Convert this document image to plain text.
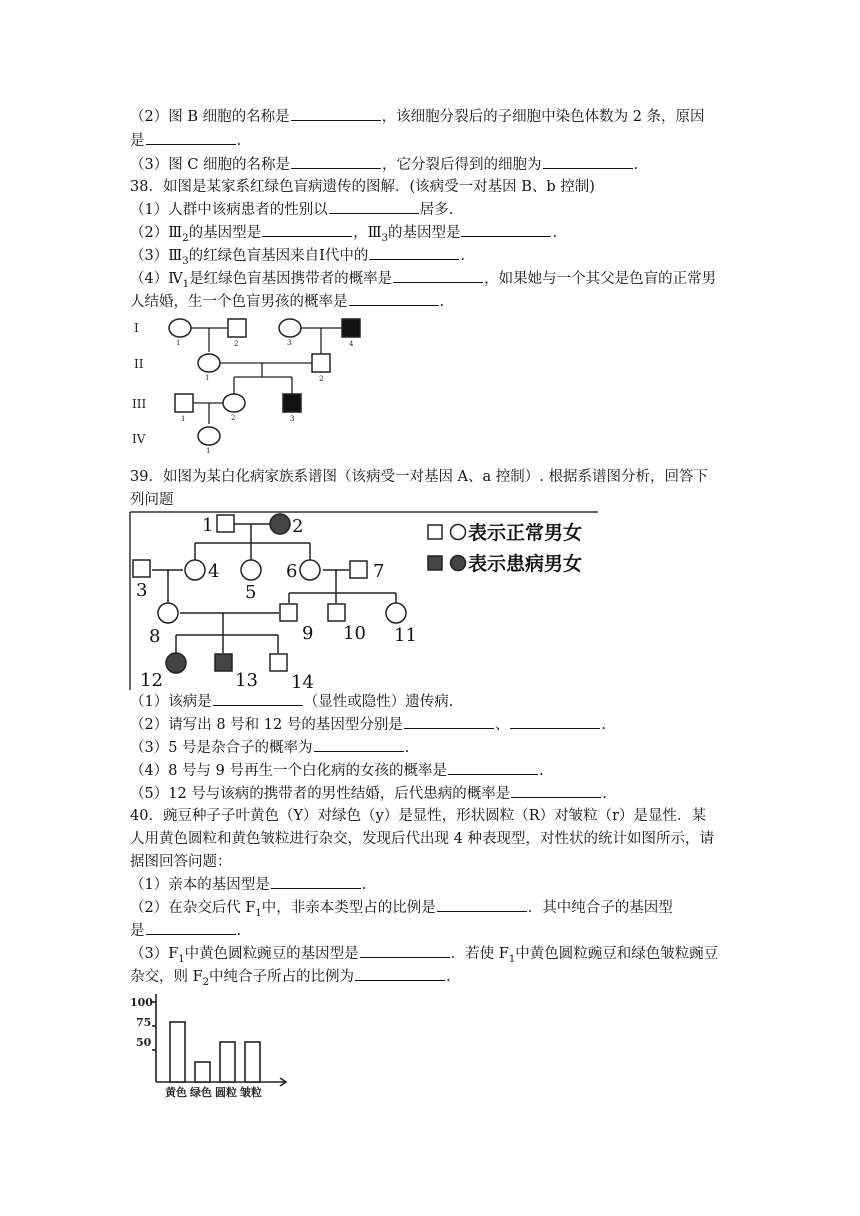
（2）图 B 细胞的名称是	，该细胞分裂后的子细胞中染色体数为 2 条，原因
是	.
（3）图 C 细胞的名称是	，它分裂后得到的细胞为	.
38．如图是某家系红绿色盲病遗传的图解．(该病受一对基因 B、b 控制)
（1）人群中该病患者的性别以	居多.
$(2)Ⅲ_2$的基因型是	，$Ⅲ_3$的基因型是	.
$(3)Ⅲ_3$的红绿色盲基因来自Ⅰ代中的	.
$(4)Ⅳ_1$是红绿色盲基因携带者的概率是	，如果她与一个其父是色盲的正常男
人结婚，生一个色盲男孩的概率是	.
I
II
III
IV
1	2	3	4
1	2
1	2	3
1
39．如图为某白化病家族系谱图（该病受一对基因 A、a 控制）. 根据系谱图分析，回答下
列问题
1	2
3
4
5
6	7
8	9 10 11
12	13 14
表示正常男女
表示患病男女
（1）该病是	（显性或隐性）遗传病.
（2）请写出 8 号和 12 号的基因型分别是	、	.
（3）5 号是杂合子的概率为	.
（4）8 号与 9 号再生一个白化病的女孩的概率是	.
（5）12 号与该病的携带者的男性结婚，后代患病的概率是	.
40．豌豆种子子叶黄色（Y）对绿色（y）是显性，形状圆粒（R）对皱粒（r）是显性．某
人用黄色圆粒和黄色皱粒进行杂交，发现后代出现 4 种表现型，对性状的统计如图所示，请
据图回答问题：
（1）亲本的基因型是	.
（2）在杂交后代 $F_1$中，非亲本类型占的比例是	．其中纯合子的基因型
是	.
$(3)F_1$中黄色圆粒豌豆的基因型是	．若使 $F_1$中黄色圆粒豌豆和绿色皱粒豌豆
杂交，则 $F_2$中纯合子所占的比例为	.
100
75
50
黄色 绿色 圆粒 皱粒
